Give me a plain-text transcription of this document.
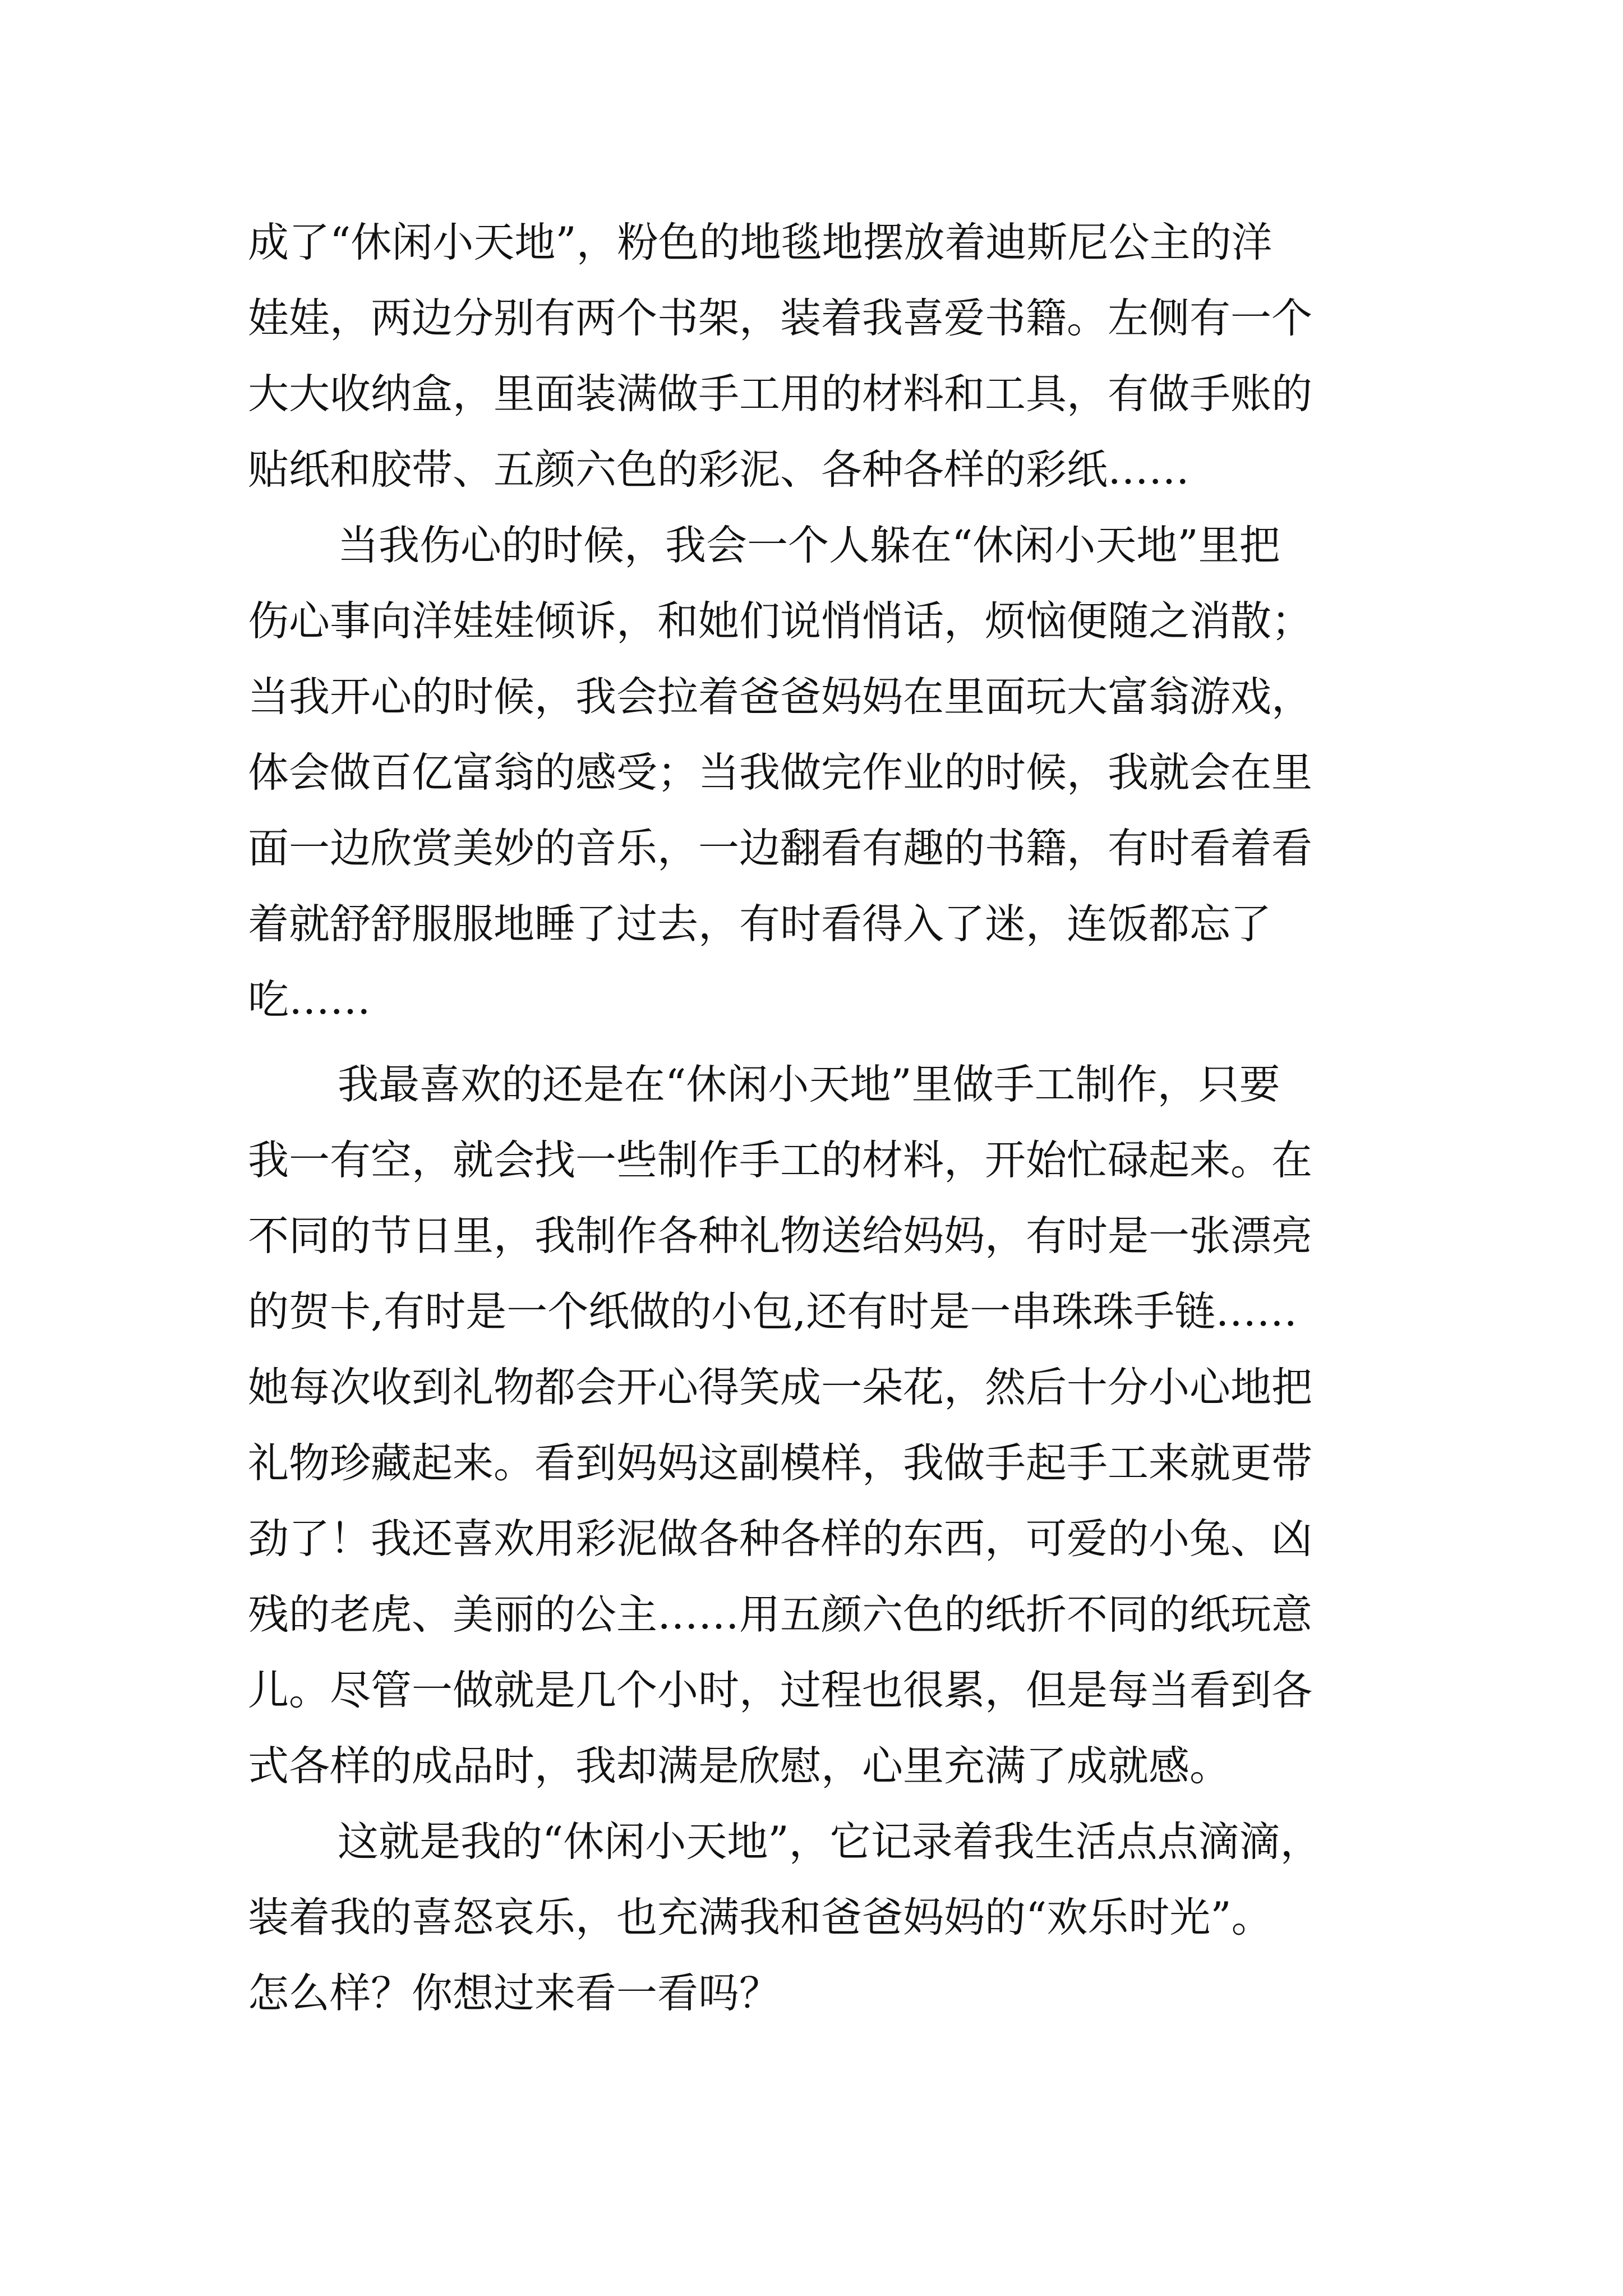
成了“休闲小天地”，粉色的地毯地摆放着迪斯尼公主的洋
娃娃，两边分别有两个书架，装着我喜爱书籍。左侧有一个
大大收纳盒，里面装满做手工用的材料和工具，有做手账的
贴纸和胶带、五颜六色的彩泥、各种各样的彩纸……
当我伤心的时候，我会一个人躲在“休闲小天地”里把
伤心事向洋娃娃倾诉，和她们说悄悄话，烦恼便随之消散；
当我开心的时候，我会拉着爸爸妈妈在里面玩大富翁游戏，
体会做百亿富翁的感受；当我做完作业的时候，我就会在里
面一边欣赏美妙的音乐，一边翻看有趣的书籍，有时看着看
着就舒舒服服地睡了过去，有时看得入了迷，连饭都忘了
吃……
我最喜欢的还是在“休闲小天地”里做手工制作，只要
我一有空，就会找一些制作手工的材料，开始忙碌起来。在
不同的节日里，我制作各种礼物送给妈妈，有时是一张漂亮
的贺卡,有时是一个纸做的小包,还有时是一串珠珠手链……
她每次收到礼物都会开心得笑成一朵花，然后十分小心地把
礼物珍藏起来。看到妈妈这副模样，我做手起手工来就更带
劲了！我还喜欢用彩泥做各种各样的东西，可爱的小兔、凶
残的老虎、美丽的公主……用五颜六色的纸折不同的纸玩意
儿。尽管一做就是几个小时，过程也很累，但是每当看到各
式各样的成品时，我却满是欣慰，心里充满了成就感。
这就是我的“休闲小天地”，它记录着我生活点点滴滴，
装着我的喜怒哀乐，也充满我和爸爸妈妈的“欢乐时光”。
怎么样？你想过来看一看吗？
